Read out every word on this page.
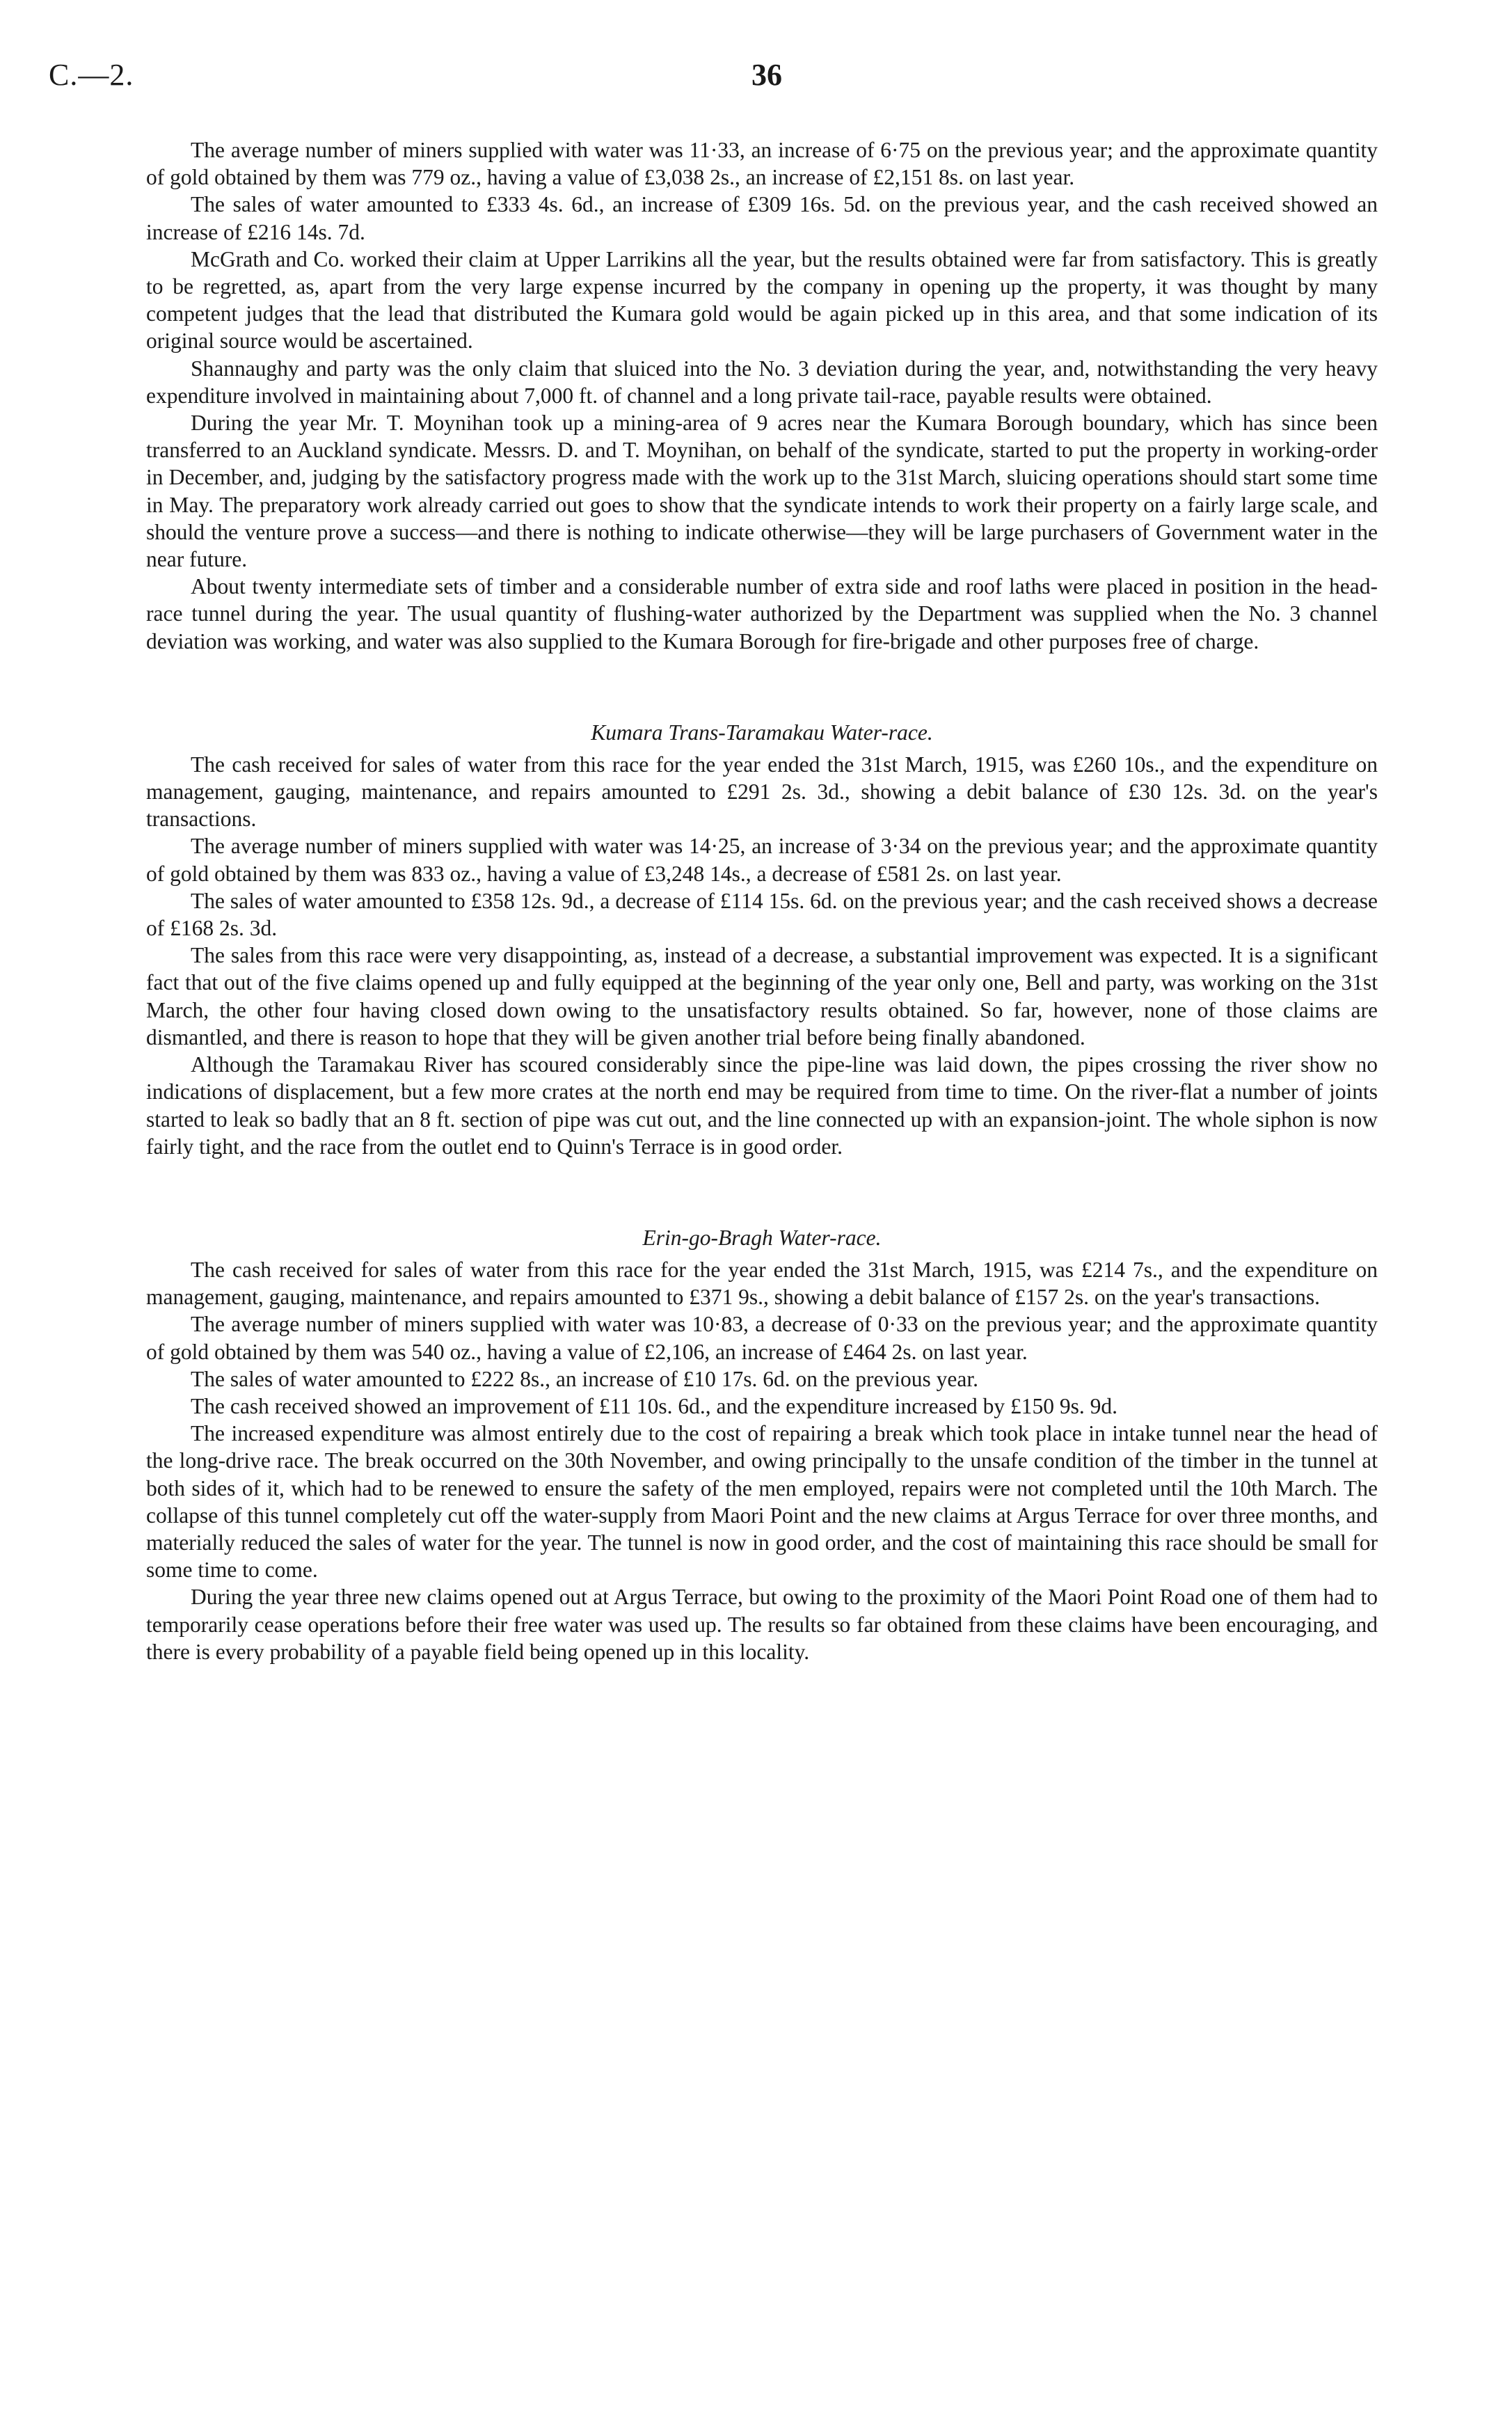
C.—2.	36

The average number of miners supplied with water was 11·33, an increase of 6·75 on the previous year; and the approximate quantity of gold obtained by them was 779 oz., having a value of £3,038 2s., an increase of £2,151 8s. on last year.

The sales of water amounted to £333 4s. 6d., an increase of £309 16s. 5d. on the previous year, and the cash received showed an increase of £216 14s. 7d.

McGrath and Co. worked their claim at Upper Larrikins all the year, but the results obtained were far from satisfactory. This is greatly to be regretted, as, apart from the very large expense incurred by the company in opening up the property, it was thought by many competent judges that the lead that distributed the Kumara gold would be again picked up in this area, and that some indication of its original source would be ascertained.

Shannaughy and party was the only claim that sluiced into the No. 3 deviation during the year, and, notwithstanding the very heavy expenditure involved in maintaining about 7,000 ft. of channel and a long private tail-race, payable results were obtained.

During the year Mr. T. Moynihan took up a mining-area of 9 acres near the Kumara Borough boundary, which has since been transferred to an Auckland syndicate. Messrs. D. and T. Moynihan, on behalf of the syndicate, started to put the property in working-order in December, and, judging by the satisfactory progress made with the work up to the 31st March, sluicing operations should start some time in May. The preparatory work already carried out goes to show that the syndicate intends to work their property on a fairly large scale, and should the venture prove a success—and there is nothing to indicate otherwise—they will be large purchasers of Government water in the near future.

About twenty intermediate sets of timber and a considerable number of extra side and roof laths were placed in position in the head-race tunnel during the year. The usual quantity of flushing-water authorized by the Department was supplied when the No. 3 channel deviation was working, and water was also supplied to the Kumara Borough for fire-brigade and other purposes free of charge.

Kumara Trans-Taramakau Water-race.

The cash received for sales of water from this race for the year ended the 31st March, 1915, was £260 10s., and the expenditure on management, gauging, maintenance, and repairs amounted to £291 2s. 3d., showing a debit balance of £30 12s. 3d. on the year's transactions.

The average number of miners supplied with water was 14·25, an increase of 3·34 on the previous year; and the approximate quantity of gold obtained by them was 833 oz., having a value of £3,248 14s., a decrease of £581 2s. on last year.

The sales of water amounted to £358 12s. 9d., a decrease of £114 15s. 6d. on the previous year; and the cash received shows a decrease of £168 2s. 3d.

The sales from this race were very disappointing, as, instead of a decrease, a substantial improvement was expected. It is a significant fact that out of the five claims opened up and fully equipped at the beginning of the year only one, Bell and party, was working on the 31st March, the other four having closed down owing to the unsatisfactory results obtained. So far, however, none of those claims are dismantled, and there is reason to hope that they will be given another trial before being finally abandoned.

Although the Taramakau River has scoured considerably since the pipe-line was laid down, the pipes crossing the river show no indications of displacement, but a few more crates at the north end may be required from time to time. On the river-flat a number of joints started to leak so badly that an 8 ft. section of pipe was cut out, and the line connected up with an expansion-joint. The whole siphon is now fairly tight, and the race from the outlet end to Quinn's Terrace is in good order.

Erin-go-Bragh Water-race.

The cash received for sales of water from this race for the year ended the 31st March, 1915, was £214 7s., and the expenditure on management, gauging, maintenance, and repairs amounted to £371 9s., showing a debit balance of £157 2s. on the year's transactions.

The average number of miners supplied with water was 10·83, a decrease of 0·33 on the previous year; and the approximate quantity of gold obtained by them was 540 oz., having a value of £2,106, an increase of £464 2s. on last year.

The sales of water amounted to £222 8s., an increase of £10 17s. 6d. on the previous year.

The cash received showed an improvement of £11 10s. 6d., and the expenditure increased by £150 9s. 9d.

The increased expenditure was almost entirely due to the cost of repairing a break which took place in intake tunnel near the head of the long-drive race. The break occurred on the 30th November, and owing principally to the unsafe condition of the timber in the tunnel at both sides of it, which had to be renewed to ensure the safety of the men employed, repairs were not completed until the 10th March. The collapse of this tunnel completely cut off the water-supply from Maori Point and the new claims at Argus Terrace for over three months, and materially reduced the sales of water for the year. The tunnel is now in good order, and the cost of maintaining this race should be small for some time to come.

During the year three new claims opened out at Argus Terrace, but owing to the proximity of the Maori Point Road one of them had to temporarily cease operations before their free water was used up. The results so far obtained from these claims have been encouraging, and there is every probability of a payable field being opened up in this locality.
